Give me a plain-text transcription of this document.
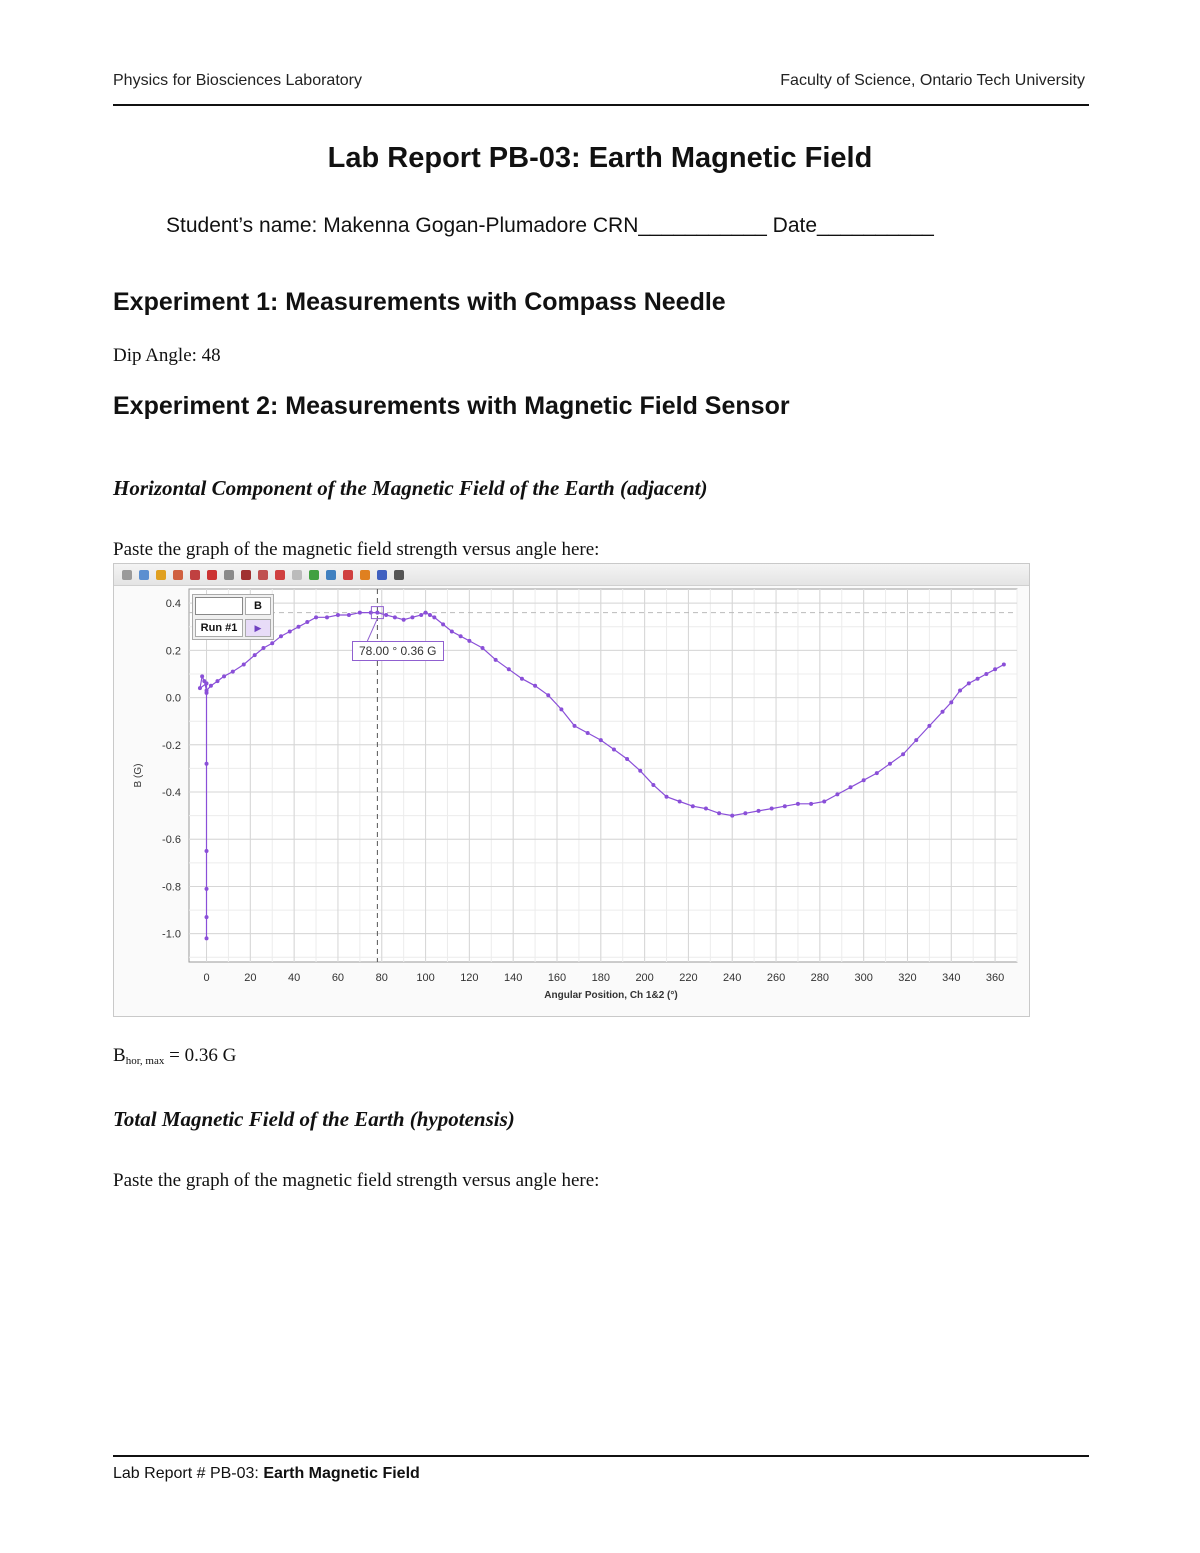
Physics for Biosciences Laboratory	Faculty of Science, Ontario Tech University
Lab Report PB-03: Earth Magnetic Field
Student’s name: Makenna Gogan-Plumadore CRN___________ Date__________
Experiment 1: Measurements with Compass Needle
Dip Angle: 48
Experiment 2: Measurements with Magnetic Field Sensor
Horizontal Component of the Magnetic Field of the Earth (adjacent)
Paste the graph of the magnetic field strength versus angle here:
0	20	40	60	80	100 120 140 160 180 200 220 240 260 280 300 320 340 360
0.4
0.2
0.0
-0.2
-0.4
-0.6
-0.8
-1.0
Angular Position, Ch 1&2 (°)
B (G)
B
Run #1	▶
78.00 ° 0.36 G
$B_{hor, max} = 0.36$ G
Total Magnetic Field of the Earth (hypotensis)
Paste the graph of the magnetic field strength versus angle here:
Lab Report # PB-03: Earth Magnetic Field
